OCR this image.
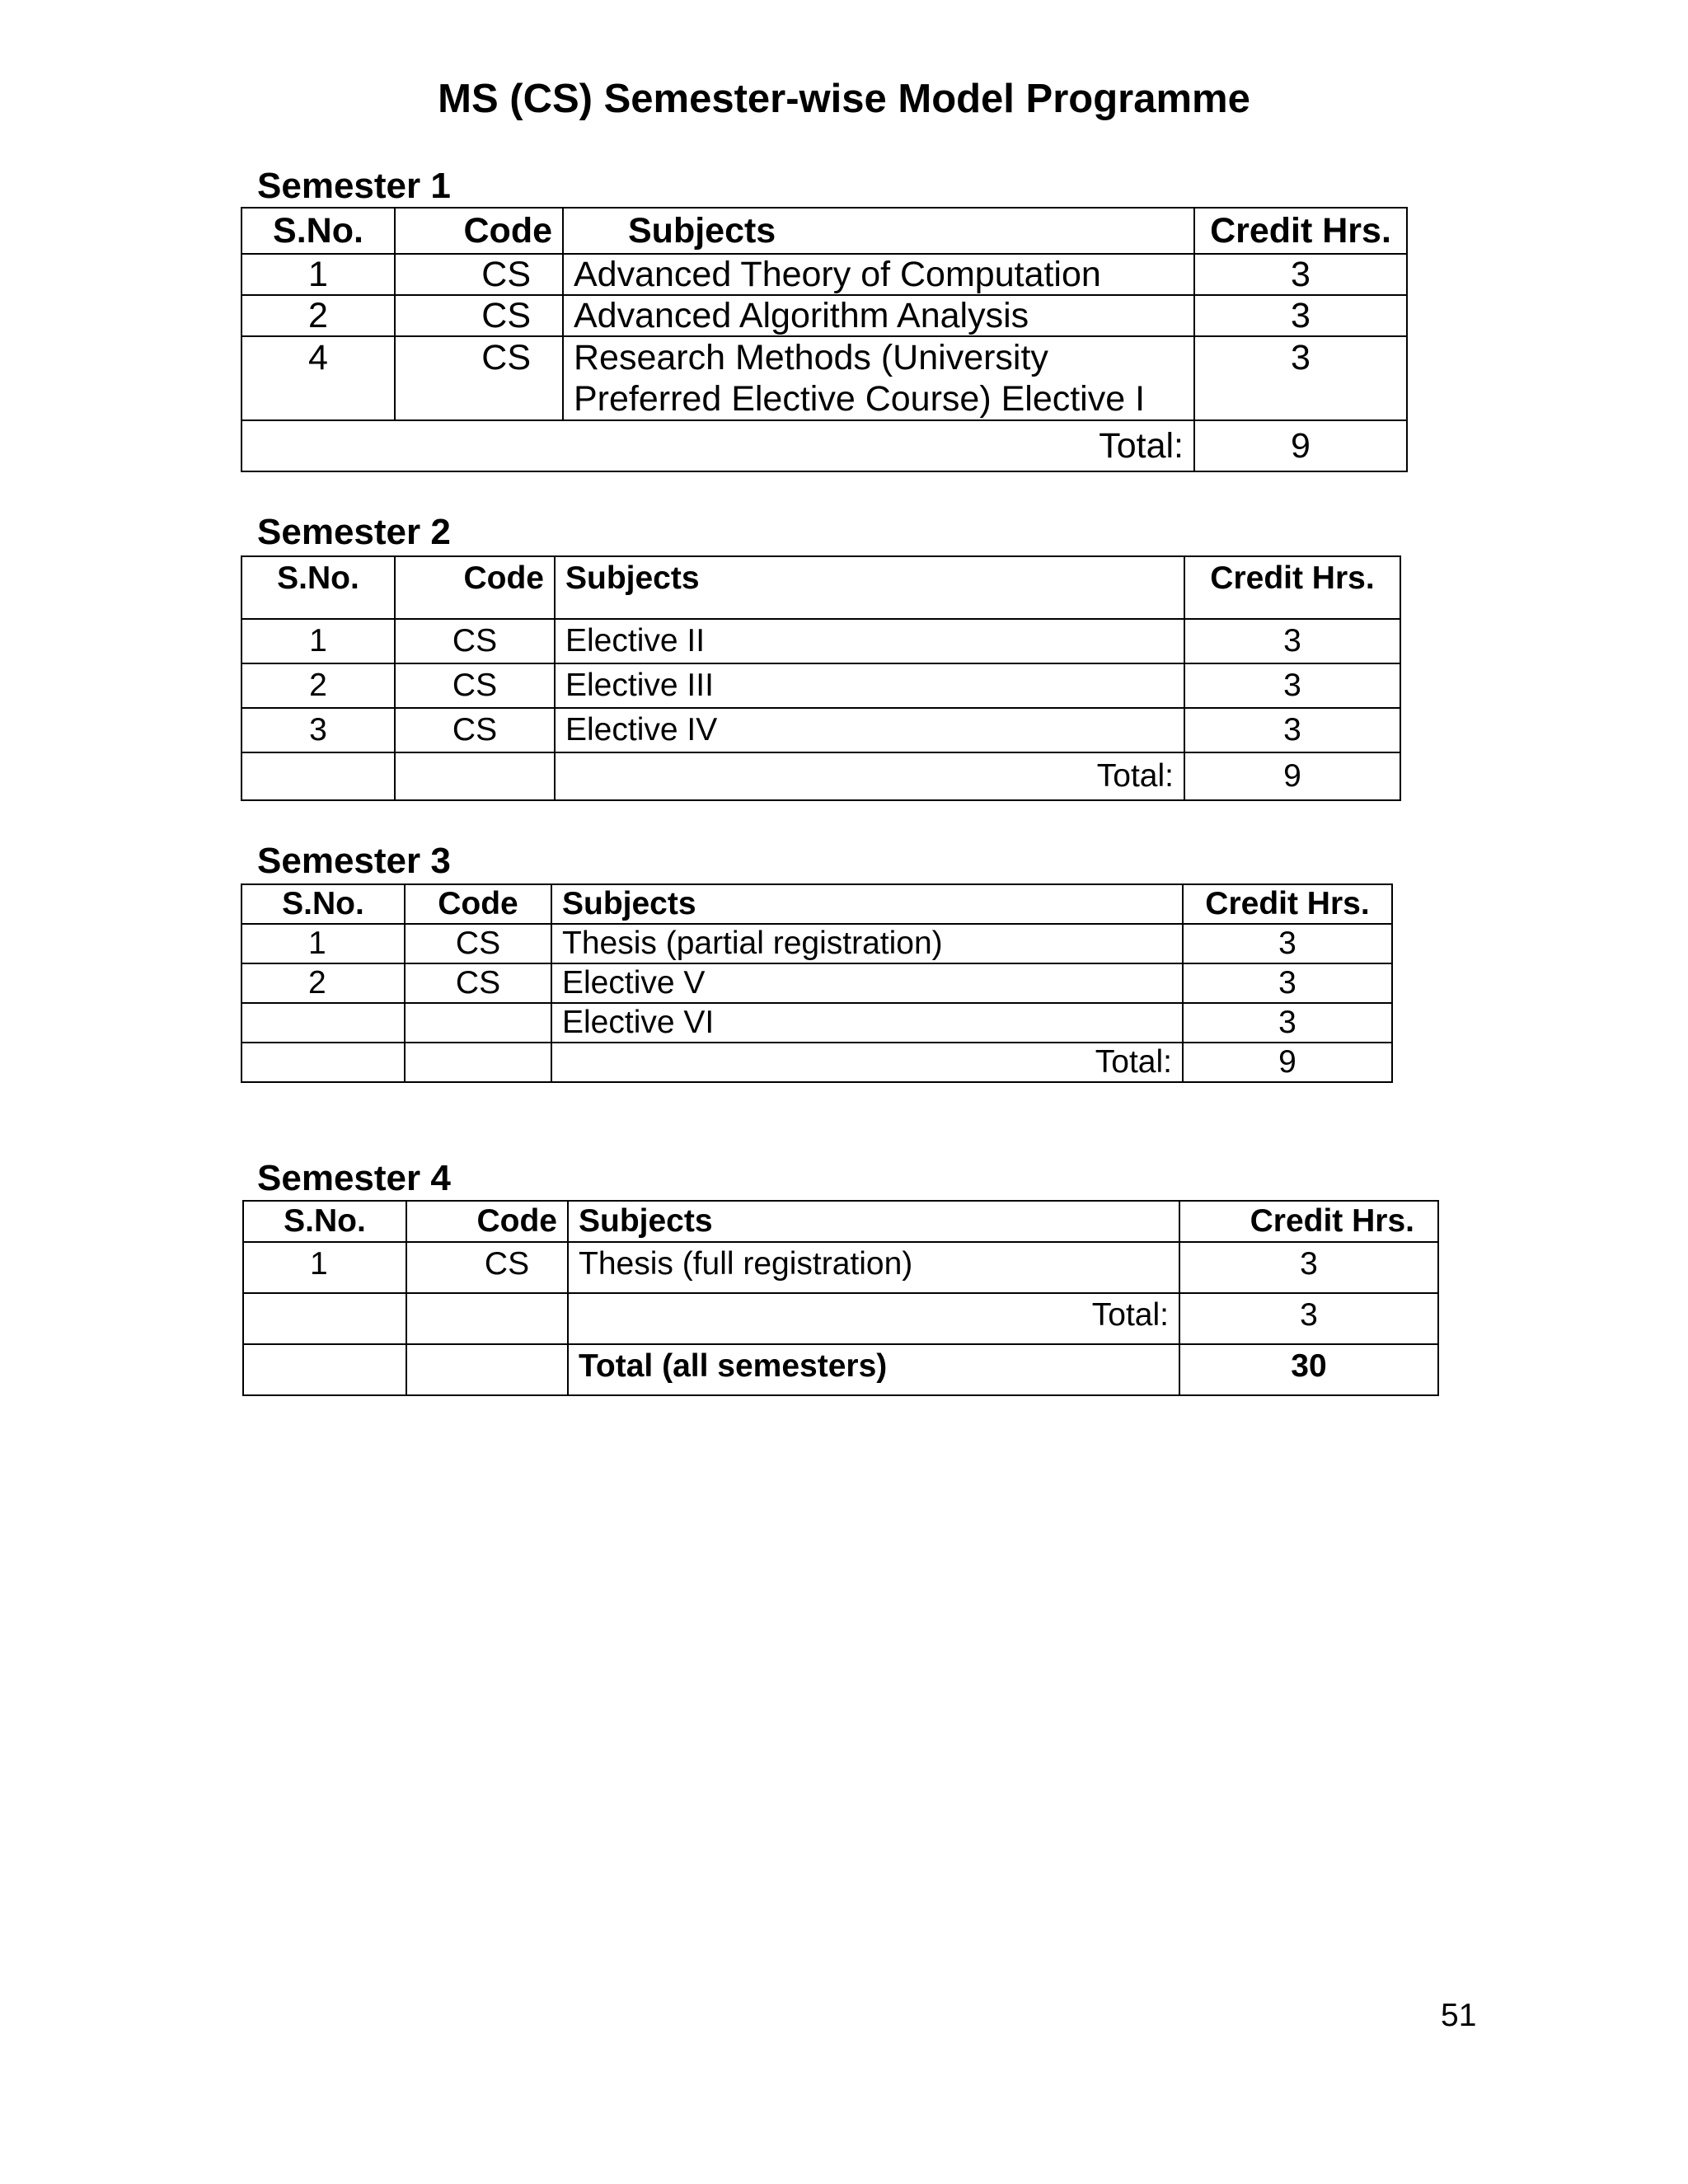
MS (CS) Semester-wise Model Programme
Semester 1
S.No.	Code	Subjects	Credit Hrs.
1	CS	Advanced Theory of Computation	3
2	CS	Advanced Algorithm Analysis	3
4	CS	Research Methods (University Preferred Elective Course) Elective I	3
Total:			9
Semester 2
S.No.	Code	Subjects	Credit Hrs.
1	CS	Elective II	3
2	CS	Elective III	3
3	CS	Elective IV	3
		Total:	9
Semester 3
S.No.	Code	Subjects	Credit Hrs.
1	CS	Thesis (partial registration)	3
2	CS	Elective V	3
		Elective VI	3
		Total:	9
Semester 4
S.No.	Code	Subjects	Credit Hrs.
1	CS	Thesis (full registration)	3
		Total:	3
		Total (all semesters)	30

51
